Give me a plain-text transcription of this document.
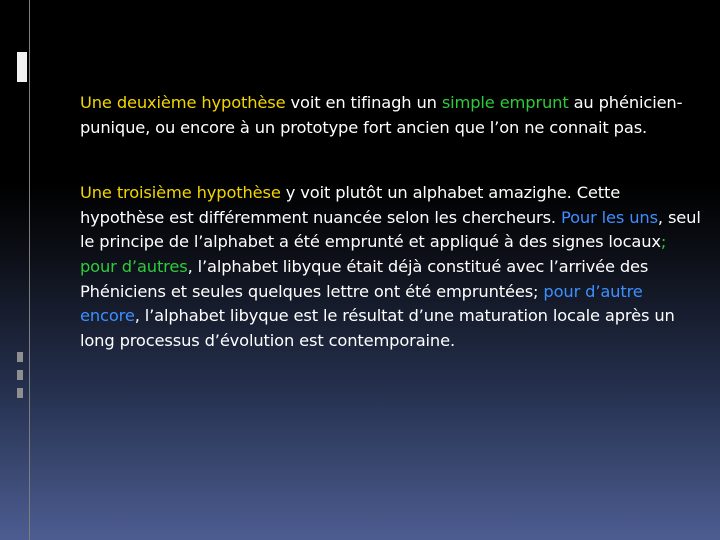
Une deuxième hypothèse voit en tifinagh un simple emprunt au phénicien-punique, ou encore à un prototype fort ancien que l’on ne connait pas.

Une troisième hypothèse y voit plutôt un alphabet amazighe. Cette hypothèse est différemment nuancée selon les chercheurs. Pour les uns, seul le principe de l’alphabet a été emprunté et appliqué à des signes locaux; pour d’autres, l’alphabet libyque était déjà constitué avec l’arrivée des Phéniciens et seules quelques lettre ont été empruntées; pour d’autre encore, l’alphabet libyque est le résultat d’une maturation locale après un long processus d’évolution est contemporaine.
